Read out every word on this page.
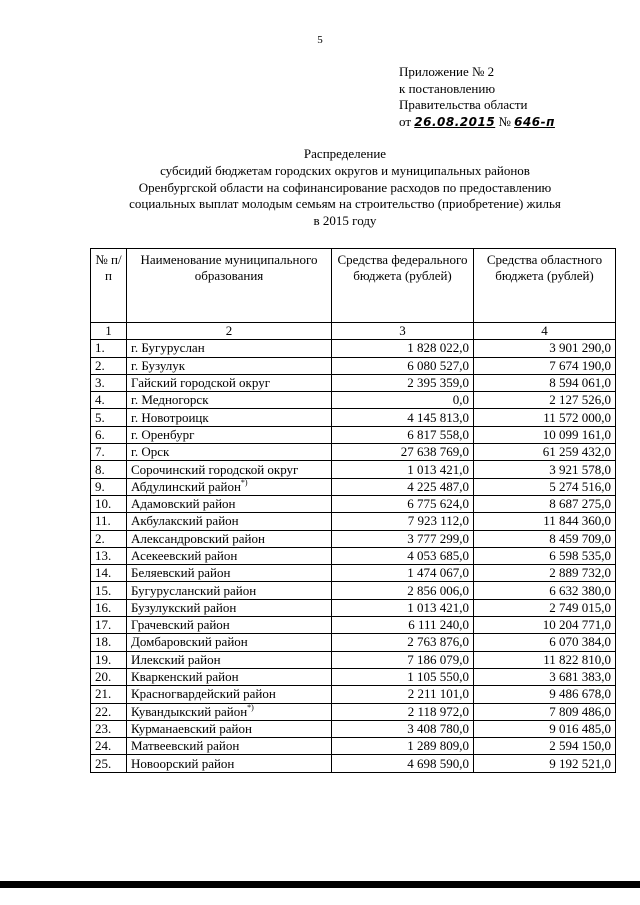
5
Приложение № 2
к постановлению
Правительства области
от 26.08.2015 № 646-п
Распределение
субсидий бюджетам городских округов и муниципальных районов
Оренбургской области на софинансирование расходов по предоставлению
социальных выплат молодым семьям на строительство (приобретение) жилья
в 2015 году
№ п/п	Наименование муниципального образования	Средства федерального бюджета (рублей)	Средства областного бюджета (рублей)
1	2	3	4
1.	г. Бугуруслан	1 828 022,0	3 901 290,0
2.	г. Бузулук	6 080 527,0	7 674 190,0
3.	Гайский городской округ	2 395 359,0	8 594 061,0
4.	г. Медногорск	0,0	2 127 526,0
5.	г. Новотроицк	4 145 813,0	11 572 000,0
6.	г. Оренбург	6 817 558,0	10 099 161,0
7.	г. Орск	27 638 769,0	61 259 432,0
8.	Сорочинский городской округ	1 013 421,0	3 921 578,0
9.	Абдулинский район*)	4 225 487,0	5 274 516,0
10.	Адамовский район	6 775 624,0	8 687 275,0
11.	Акбулакский район	7 923 112,0	11 844 360,0
2.	Александровский район	3 777 299,0	8 459 709,0
13.	Асекеевский район	4 053 685,0	6 598 535,0
14.	Беляевский район	1 474 067,0	2 889 732,0
15.	Бугурусланский район	2 856 006,0	6 632 380,0
16.	Бузулукский район	1 013 421,0	2 749 015,0
17.	Грачевский район	6 111 240,0	10 204 771,0
18.	Домбаровский район	2 763 876,0	6 070 384,0
19.	Илекский район	7 186 079,0	11 822 810,0
20.	Кваркенский район	1 105 550,0	3 681 383,0
21.	Красногвардейский район	2 211 101,0	9 486 678,0
22.	Кувандыкский район*)	2 118 972,0	7 809 486,0
23.	Курманаевский район	3 408 780,0	9 016 485,0
24.	Матвеевский район	1 289 809,0	2 594 150,0
25.	Новоорский район	4 698 590,0	9 192 521,0
